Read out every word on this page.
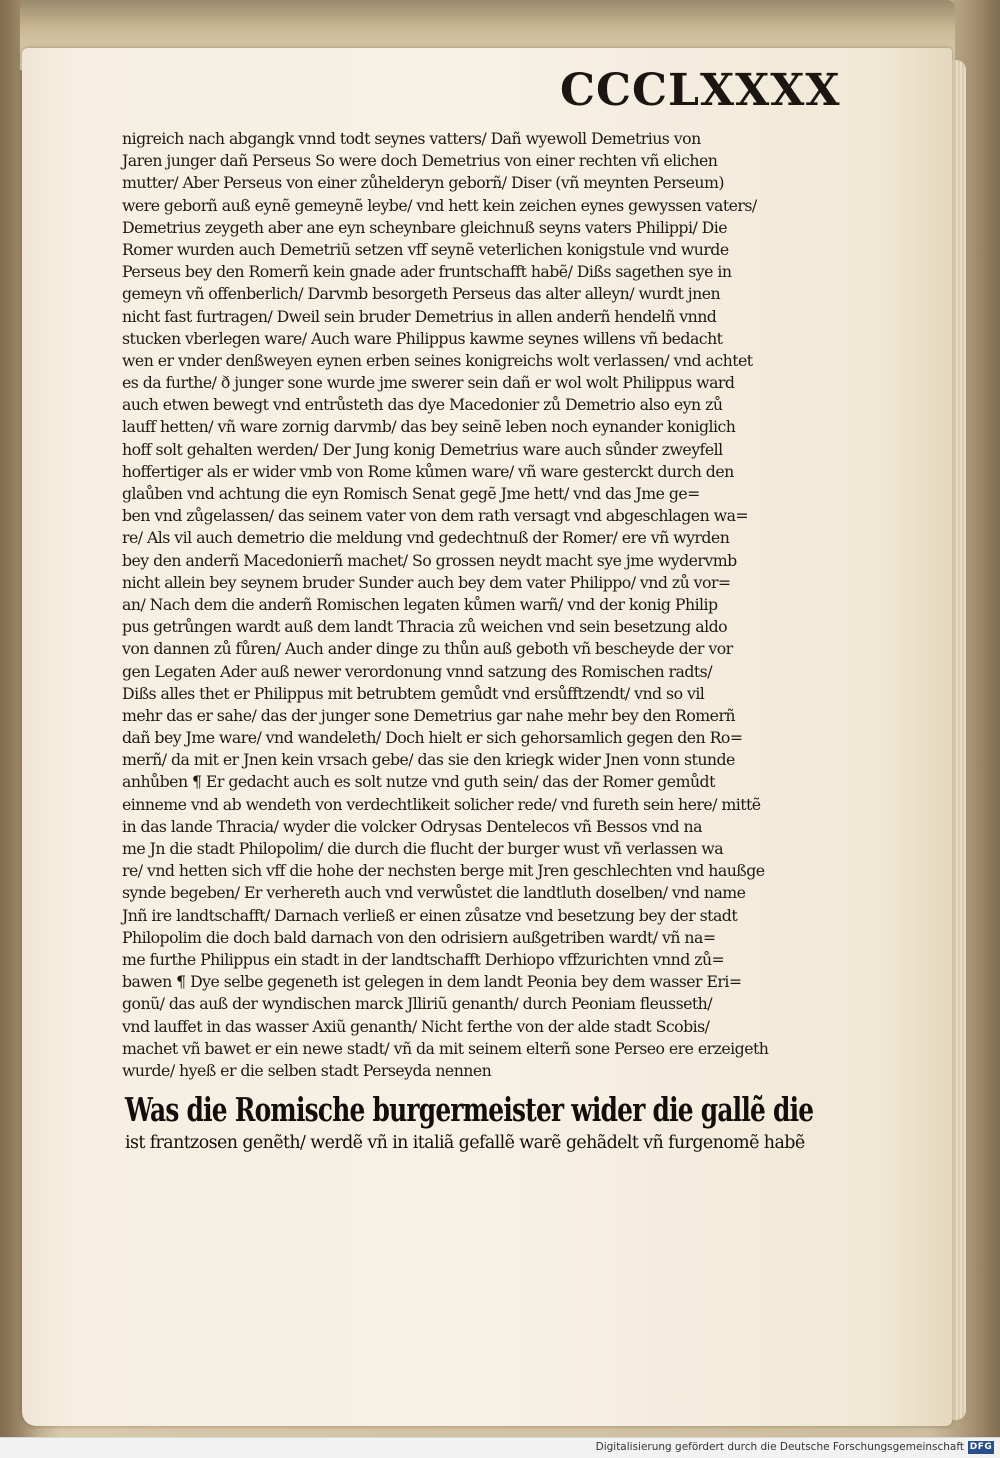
CCCLXXXX
nigreich nach abgangk vnnd todt seynes vatters/ Dañ wyewoll Demetrius von
Jaren junger dañ Perseus So were doch Demetrius von einer rechten vñ elichen
mutter/ Aber Perseus von einer zůhelderyn geborñ/ Diser (vñ meynten Perseum)
were geborñ auß eynẽ gemeynẽ leybe/ vnd hett kein zeichen eynes gewyssen vaters/
Demetrius zeygeth aber ane eyn scheynbare gleichnuß seyns vaters Philippi/ Die
Romer wurden auch Demetriũ setzen vff seynẽ veterlichen konigstule vnd wurde
Perseus bey den Romerñ kein gnade ader fruntschafft habẽ/ Dißs sagethen sye in
gemeyn vñ offenberlich/ Darvmb besorgeth Perseus das alter alleyn/ wurdt jnen
nicht fast furtragen/ Dweil sein bruder Demetrius in allen anderñ hendelñ vnnd
stucken vberlegen ware/ Auch ware Philippus kawme seynes willens vñ bedacht
wen er vnder denßweyen eynen erben seines konigreichs wolt verlassen/ vnd achtet
es da furthe/ ð junger sone wurde jme swerer sein dañ er wol wolt Philippus ward
auch etwen bewegt vnd entrůsteth das dye Macedonier zů Demetrio also eyn zů
lauff hetten/ vñ ware zornig darvmb/ das bey seinẽ leben noch eynander koniglich
hoff solt gehalten werden/ Der Jung konig Demetrius ware auch sůnder zweyfell
hoffertiger als er wider vmb von Rome kůmen ware/ vñ ware gesterckt durch den
glaůben vnd achtung die eyn Romisch Senat gegẽ Jme hett/ vnd das Jme ge=
ben vnd zůgelassen/ das seinem vater von dem rath versagt vnd abgeschlagen wa=
re/ Als vil auch demetrio die meldung vnd gedechtnuß der Romer/ ere vñ wyrden
bey den anderñ Macedonierñ machet/ So grossen neydt macht sye jme wydervmb
nicht allein bey seynem bruder Sunder auch bey dem vater Philippo/ vnd zů vor=
an/ Nach dem die anderñ Romischen legaten kůmen warñ/ vnd der konig Philip
pus getrůngen wardt auß dem landt Thracia zů weichen vnd sein besetzung aldo
von dannen zů fůren/ Auch ander dinge zu thůn auß geboth vñ bescheyde der vor
gen Legaten Ader auß newer verordonung vnnd satzung des Romischen radts/
Dißs alles thet er Philippus mit betrubtem gemůdt vnd ersůfftzendt/ vnd so vil
mehr das er sahe/ das der junger sone Demetrius gar nahe mehr bey den Romerñ
dañ bey Jme ware/ vnd wandeleth/ Doch hielt er sich gehorsamlich gegen den Ro=
merñ/ da mit er Jnen kein vrsach gebe/ das sie den kriegk wider Jnen vonn stunde
anhůben ¶ Er gedacht auch es solt nutze vnd guth sein/ das der Romer gemůdt
einneme vnd ab wendeth von verdechtlikeit solicher rede/ vnd fureth sein here/ mittẽ
in das lande Thracia/ wyder die volcker Odrysas Dentelecos vñ Bessos vnd na
me Jn die stadt Philopolim/ die durch die flucht der burger wust vñ verlassen wa
re/ vnd hetten sich vff die hohe der nechsten berge mit Jren geschlechten vnd haußge
synde begeben/ Er verhereth auch vnd verwůstet die landtluth doselben/ vnd name
Jnñ ire landtschafft/ Darnach verließ er einen zůsatze vnd besetzung bey der stadt
Philopolim die doch bald darnach von den odrisiern außgetriben wardt/ vñ na=
me furthe Philippus ein stadt in der landtschafft Derhiopo vffzurichten vnnd zů=
bawen ¶ Dye selbe gegeneth ist gelegen in dem landt Peonia bey dem wasser Eri=
gonũ/ das auß der wyndischen marck Jlliriũ genanth/ durch Peoniam fleusseth/
vnd lauffet in das wasser Axiũ genanth/ Nicht ferthe von der alde stadt Scobis/
machet vñ bawet er ein newe stadt/ vñ da mit seinem elterñ sone Perseo ere erzeigeth
wurde/ hyeß er die selben stadt Perseyda nennen
Was die Romische burgermeister wider die gallẽ die
ist frantzosen genẽth/ werdẽ vñ in italiã gefallẽ warẽ gehãdelt vñ furgenomẽ habẽ
Digitalisierung gefördert durch die Deutsche Forschungsgemeinschaft DFG
